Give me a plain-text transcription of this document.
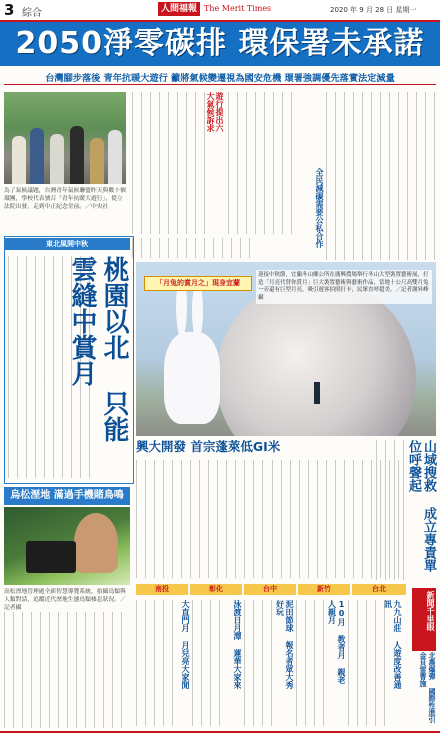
3 綜合	人間福報 The Merit Times	2020 年 9 月 28 日 星期一
2050淨零碳排 環保署未承諾
台灣腳步落後 青年抗暖大遊行 籲將氣候變遷視為國安危機 環署強調優先落實法定減量
為了氣候議題，台灣青年氣候聯盟昨天與數十個環團，學校代表號召「青年抗暖大遊行」，從立法院出發，走到中正紀念堂前。／中央社
遊行提出六大氣候訴求
全民減碳需要公私合作
東北風開中秋
桃園以北 只能雲縫中賞月
烏松溼地 滿過手機賭鳥鳴
高松溼地管理處全新智慧導覽系統，拍攝鳥類與人類對話，追蹤近代溼地生態鳥類棲息狀況。／記者攝
「月兔的賞月之」現身宜蘭
迎接中秋節，宜蘭冬山鄉公所在廣興農場舉行冬山大型裝置藝術展，打造「月亮代替你賞月」巨大裝置藝術與藝術作品，當地十公尺高雙月兔一旁還有巨型月亮，吸引遊客拍照打卡，民眾直呼超美。／記者謝昇峰攝
興大開發 首宗蓬萊低GI米	山域搜救 成立專責單位呼聲起
南投	彰化	台中	新竹	台北
大直門月 月兒亮大家閒	泳渡日月潭 蓮華大家來	泥田節球 報名者眾大秀好玩	10月 教者月 親老人親月	九九山莊 人遊度改善通訊	新聞千里眼
北農爆彈 國際性進引金貝雷曹施
